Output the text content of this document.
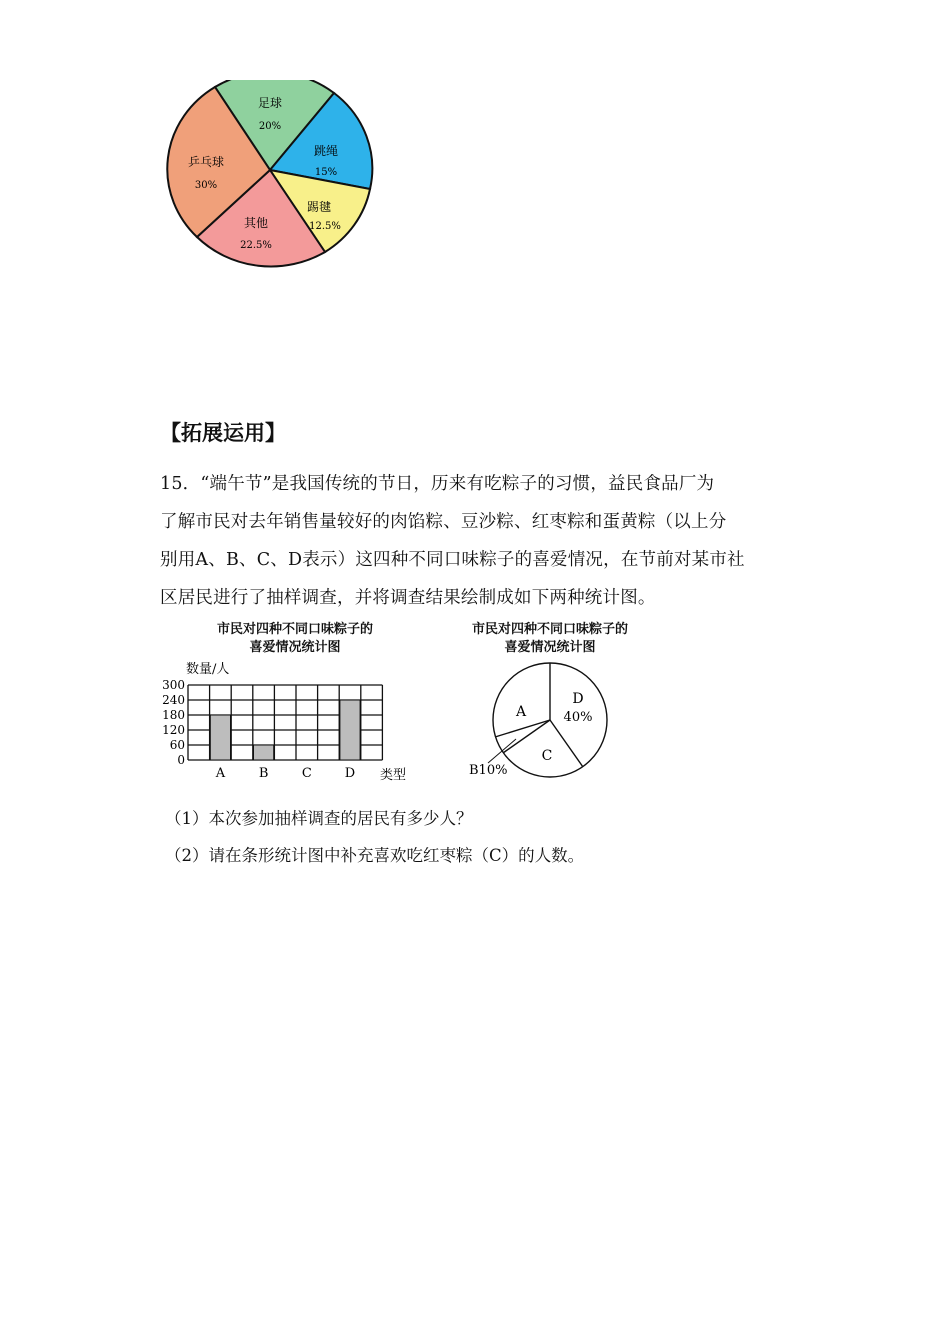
足球
20%
跳绳
15%
踢毽
12.5%
其他
22.5%
乒乓球
30%
【拓展运用】
15．“端午节”是我国传统的节日，历来有吃粽子的习惯，益民食品厂为
了解市民对去年销售量较好的肉馅粽、豆沙粽、红枣粽和蛋黄粽（以上分
别用A、B、C、D表示）这四种不同口味粽子的喜爱情况，在节前对某市社
区居民进行了抽样调查，并将调查结果绘制成如下两种统计图。
市民对四种不同口味粽子的
喜爱情况统计图
数量/人
0
60
120
180
240
300
A	B	C	D 类型
市民对四种不同口味粽子的
喜爱情况统计图
D
40%
C
A
B10%
（1）本次参加抽样调查的居民有多少人？
（2）请在条形统计图中补充喜欢吃红枣粽（C）的人数。
